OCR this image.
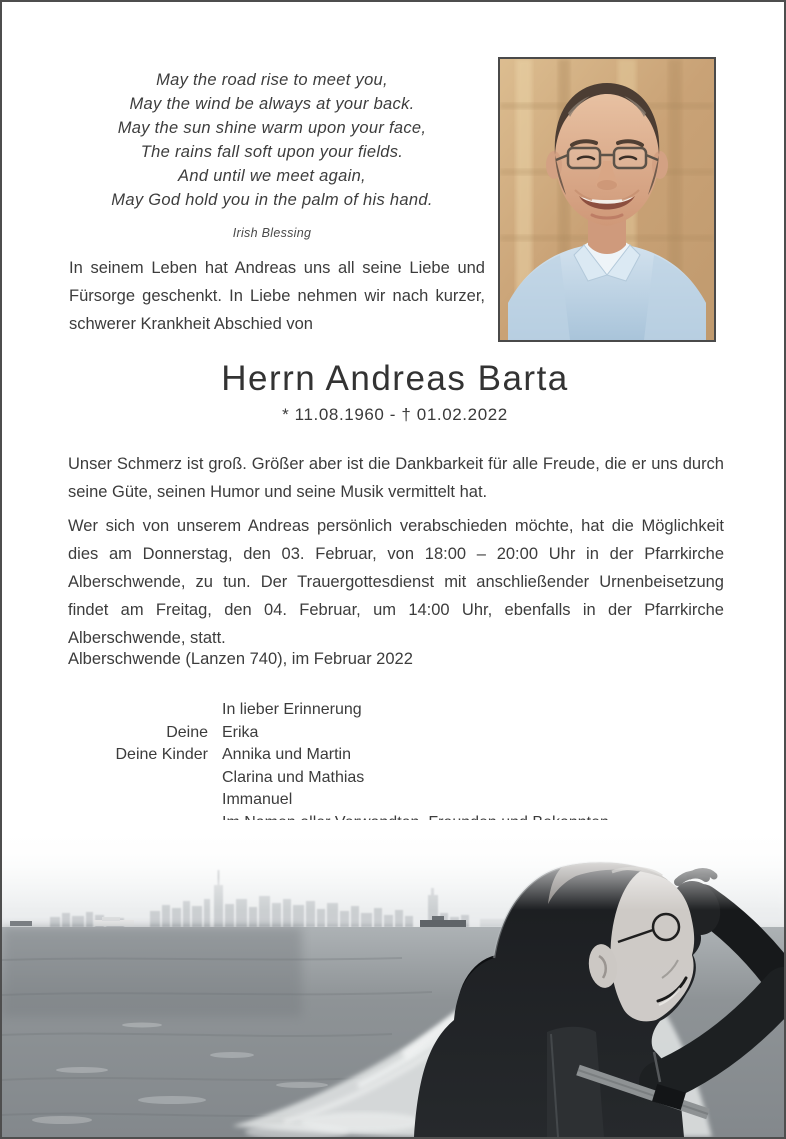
May the road rise to meet you,
May the wind be always at your back.
May the sun shine warm upon your face,
The rains fall soft upon your fields.
And until we meet again,
May God hold you in the palm of his hand.
Irish Blessing
In seinem Leben hat Andreas uns all seine Liebe und Fürsorge geschenkt. In Liebe nehmen wir nach kurzer, schwerer Krankheit Abschied von
Herrn Andreas Barta
* 11.08.1960 - † 01.02.2022
Unser Schmerz ist groß. Größer aber ist die Dankbarkeit für alle Freude, die er uns durch seine Güte, seinen Humor und seine Musik vermittelt hat.
Wer sich von unserem Andreas persönlich verabschieden möchte, hat die Möglichkeit dies am Donnerstag, den 03. Februar, von 18:00 – 20:00 Uhr in der Pfarrkirche Alberschwende, zu tun. Der Trauergottesdienst mit anschließender Urnenbeisetzung findet am Freitag, den 04. Februar, um 14:00 Uhr, ebenfalls in der Pfarrkirche Alberschwende, statt.
Alberschwende (Lanzen 740), im Februar 2022
In lieber Erinnerung
Deine Erika
Deine Kinder Annika und Martin
Clarina und Mathias
Immanuel
